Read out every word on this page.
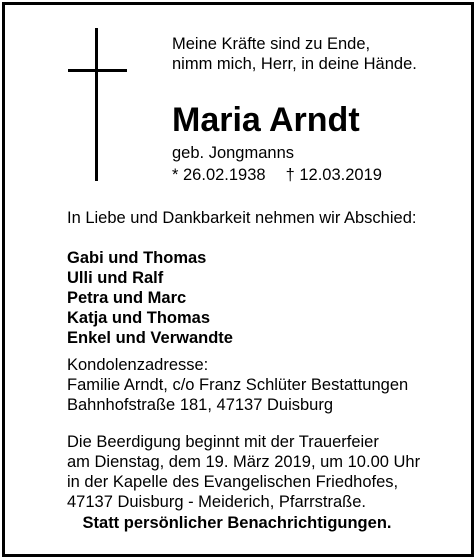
Meine Kräfte sind zu Ende,
nimm mich, Herr, in deine Hände.
Maria Arndt
geb. Jongmanns
* 26.02.1938 † 12.03.2019
In Liebe und Dankbarkeit nehmen wir Abschied:
Gabi und Thomas
Ulli und Ralf
Petra und Marc
Katja und Thomas
Enkel und Verwandte
Kondolenzadresse:
Familie Arndt, c/o Franz Schlüter Bestattungen
Bahnhofstraße 181, 47137 Duisburg
Die Beerdigung beginnt mit der Trauerfeier
am Dienstag, dem 19. März 2019, um 10.00 Uhr
in der Kapelle des Evangelischen Friedhofes,
47137 Duisburg - Meiderich, Pfarrstraße.
Statt persönlicher Benachrichtigungen.
